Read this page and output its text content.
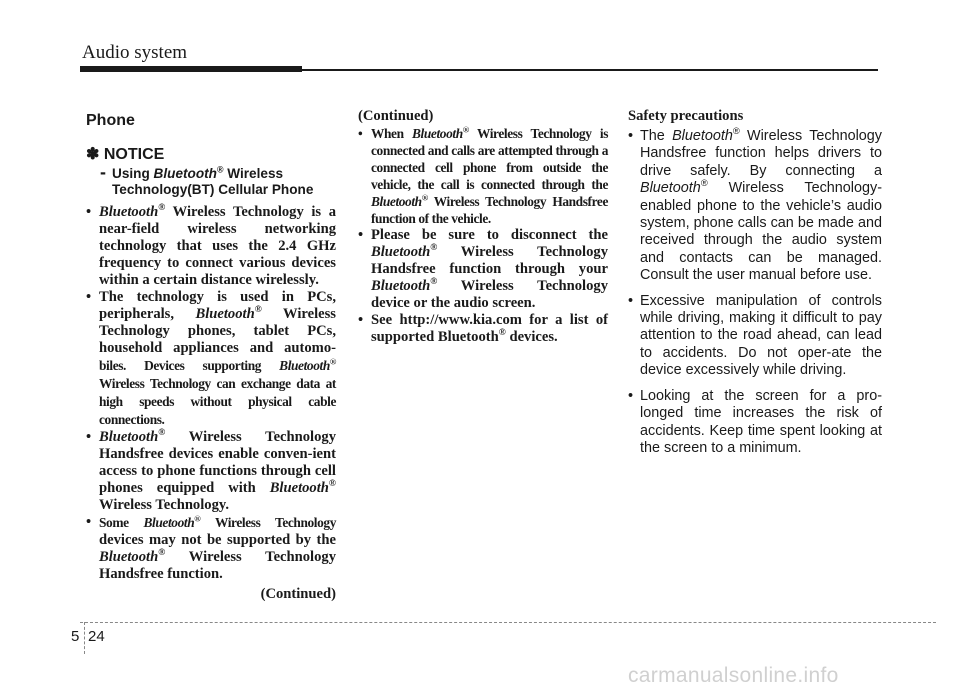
Audio system
Phone
✽ NOTICE
- Using Bluetooth® Wireless Technology(BT) Cellular Phone
• Bluetooth® Wireless Technology is a near-field wireless networking technology that uses the 2.4 GHz frequency to connect various devices within a certain distance wirelessly.
• The technology is used in PCs, peripherals, Bluetooth® Wireless Technology phones, tablet PCs, household appliances and automo- biles. Devices supporting Bluetooth® Wireless Technology can exchange data at high speeds without physical cable connections.
• Bluetooth® Wireless Technology Handsfree devices enable conven-ient access to phone functions through cell phones equipped with Bluetooth® Wireless Technology.
• Some Bluetooth® Wireless Technology devices may not be supported by the Bluetooth® Wireless Technology Handsfree function.
(Continued)
(Continued)
• When Bluetooth® Wireless Technology is connected and calls are attempted through a connected cell phone from outside the vehicle, the call is connected through the Bluetooth® Wireless Technology Handsfree function of the vehicle.
• Please be sure to disconnect the Bluetooth® Wireless Technology Handsfree function through your Bluetooth® Wireless Technology device or the audio screen.
• See http://www.kia.com for a list of supported Bluetooth® devices.
Safety precautions
• The Bluetooth® Wireless Technology Handsfree function helps drivers to drive safely. By connecting a Bluetooth® Wireless Technology-enabled phone to the vehicle’s audio system, phone calls can be made and received through the audio system and contacts can be managed. Consult the user manual before use.
• Excessive manipulation of controls while driving, making it difficult to pay attention to the road ahead, can lead to accidents. Do not oper-ate the device excessively while driving.
• Looking at the screen for a pro-longed time increases the risk of accidents. Keep time spent looking at the screen to a minimum.
5 24
carmanualsonline.info
